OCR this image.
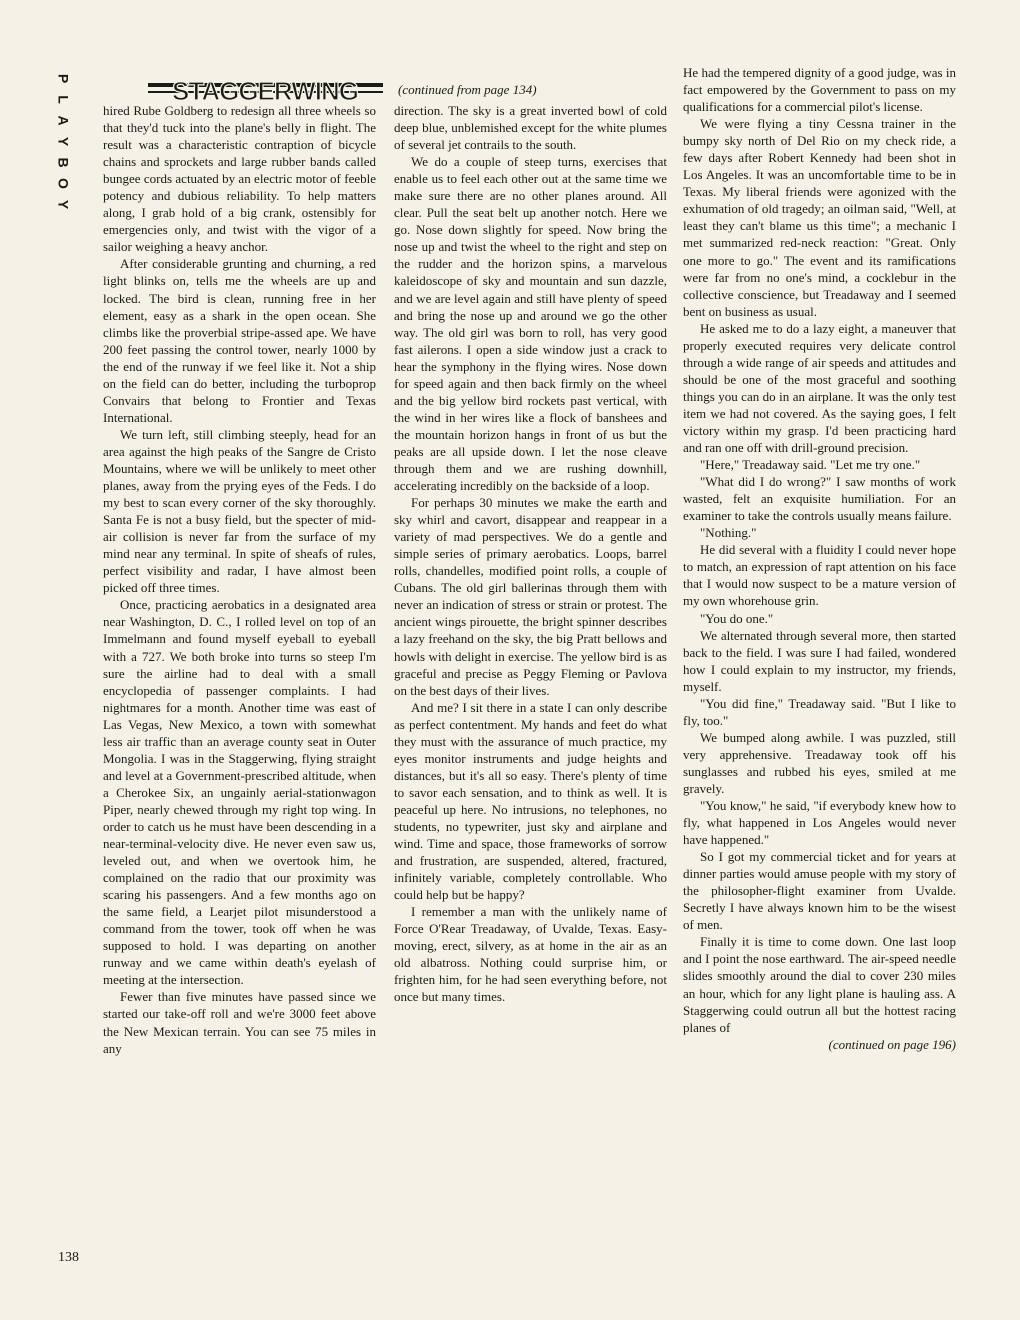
P
L
A
Y
B
O
Y
STAGGERWING	(continued from page 134)

hired Rube Goldberg to redesign all three wheels so that they'd tuck into the plane's belly in flight. The result was a characteristic contraption of bicycle chains and sprockets and large rubber bands called bungee cords actuated by an electric motor of feeble potency and dubious reliability. To help matters along, I grab hold of a big crank, ostensibly for emergencies only, and twist with the vigor of a sailor weighing a heavy anchor.

After considerable grunting and churning, a red light blinks on, tells me the wheels are up and locked. The bird is clean, running free in her element, easy as a shark in the open ocean. She climbs like the proverbial stripe-assed ape. We have 200 feet passing the control tower, nearly 1000 by the end of the runway if we feel like it. Not a ship on the field can do better, including the turboprop Convairs that belong to Frontier and Texas International.

We turn left, still climbing steeply, head for an area against the high peaks of the Sangre de Cristo Mountains, where we will be unlikely to meet other planes, away from the prying eyes of the Feds. I do my best to scan every corner of the sky thoroughly. Santa Fe is not a busy field, but the specter of mid-air collision is never far from the surface of my mind near any terminal. In spite of sheafs of rules, perfect visibility and radar, I have almost been picked off three times.

Once, practicing aerobatics in a designated area near Washington, D. C., I rolled level on top of an Immelmann and found myself eyeball to eyeball with a 727. We both broke into turns so steep I'm sure the airline had to deal with a small encyclopedia of passenger complaints. I had nightmares for a month. Another time was east of Las Vegas, New Mexico, a town with somewhat less air traffic than an average county seat in Outer Mongolia. I was in the Staggerwing, flying straight and level at a Government-prescribed altitude, when a Cherokee Six, an ungainly aerial-stationwagon Piper, nearly chewed through my right top wing. In order to catch us he must have been descending in a near-terminal-velocity dive. He never even saw us, leveled out, and when we overtook him, he complained on the radio that our proximity was scaring his passengers. And a few months ago on the same field, a Learjet pilot misunderstood a command from the tower, took off when he was supposed to hold. I was departing on another runway and we came within death's eyelash of meeting at the intersection.

Fewer than five minutes have passed since we started our take-off roll and we're 3000 feet above the New Mexican terrain. You can see 75 miles in any

direction. The sky is a great inverted bowl of cold deep blue, unblemished except for the white plumes of several jet contrails to the south.

We do a couple of steep turns, exercises that enable us to feel each other out at the same time we make sure there are no other planes around. All clear. Pull the seat belt up another notch. Here we go. Nose down slightly for speed. Now bring the nose up and twist the wheel to the right and step on the rudder and the horizon spins, a marvelous kaleidoscope of sky and mountain and sun dazzle, and we are level again and still have plenty of speed and bring the nose up and around we go the other way. The old girl was born to roll, has very good fast ailerons. I open a side window just a crack to hear the symphony in the flying wires. Nose down for speed again and then back firmly on the wheel and the big yellow bird rockets past vertical, with the wind in her wires like a flock of banshees and the mountain horizon hangs in front of us but the peaks are all upside down. I let the nose cleave through them and we are rushing downhill, accelerating incredibly on the backside of a loop.

For perhaps 30 minutes we make the earth and sky whirl and cavort, disappear and reappear in a variety of mad perspectives. We do a gentle and simple series of primary aerobatics. Loops, barrel rolls, chandelles, modified point rolls, a couple of Cubans. The old girl ballerinas through them with never an indication of stress or strain or protest. The ancient wings pirouette, the bright spinner describes a lazy freehand on the sky, the big Pratt bellows and howls with delight in exercise. The yellow bird is as graceful and precise as Peggy Fleming or Pavlova on the best days of their lives.

And me? I sit there in a state I can only describe as perfect contentment. My hands and feet do what they must with the assurance of much practice, my eyes monitor instruments and judge heights and distances, but it's all so easy. There's plenty of time to savor each sensation, and to think as well. It is peaceful up here. No intrusions, no telephones, no students, no typewriter, just sky and airplane and wind. Time and space, those frameworks of sorrow and frustration, are suspended, altered, fractured, infinitely variable, completely controllable. Who could help but be happy?

I remember a man with the unlikely name of Force O'Rear Treadaway, of Uvalde, Texas. Easy-moving, erect, silvery, as at home in the air as an old albatross. Nothing could surprise him, or frighten him, for he had seen everything before, not once but many times.

He had the tempered dignity of a good judge, was in fact empowered by the Government to pass on my qualifications for a commercial pilot's license.

We were flying a tiny Cessna trainer in the bumpy sky north of Del Rio on my check ride, a few days after Robert Kennedy had been shot in Los Angeles. It was an uncomfortable time to be in Texas. My liberal friends were agonized with the exhumation of old tragedy; an oilman said, "Well, at least they can't blame us this time"; a mechanic I met summarized red-neck reaction: "Great. Only one more to go." The event and its ramifications were far from no one's mind, a cocklebur in the collective conscience, but Treadaway and I seemed bent on business as usual.

He asked me to do a lazy eight, a maneuver that properly executed requires very delicate control through a wide range of air speeds and attitudes and should be one of the most graceful and soothing things you can do in an airplane. It was the only test item we had not covered. As the saying goes, I felt victory within my grasp. I'd been practicing hard and ran one off with drill-ground precision.

"Here," Treadaway said. "Let me try one."

"What did I do wrong?" I saw months of work wasted, felt an exquisite humiliation. For an examiner to take the controls usually means failure.

"Nothing."

He did several with a fluidity I could never hope to match, an expression of rapt attention on his face that I would now suspect to be a mature version of my own whorehouse grin.

"You do one."

We alternated through several more, then started back to the field. I was sure I had failed, wondered how I could explain to my instructor, my friends, myself.

"You did fine," Treadaway said. "But I like to fly, too."

We bumped along awhile. I was puzzled, still very apprehensive. Treadaway took off his sunglasses and rubbed his eyes, smiled at me gravely.

"You know," he said, "if everybody knew how to fly, what happened in Los Angeles would never have happened."

So I got my commercial ticket and for years at dinner parties would amuse people with my story of the philosopher-flight examiner from Uvalde. Secretly I have always known him to be the wisest of men.

Finally it is time to come down. One last loop and I point the nose earthward. The air-speed needle slides smoothly around the dial to cover 230 miles an hour, which for any light plane is hauling ass. A Staggerwing could outrun all but the hottest racing planes of

(continued on page 196)
138
